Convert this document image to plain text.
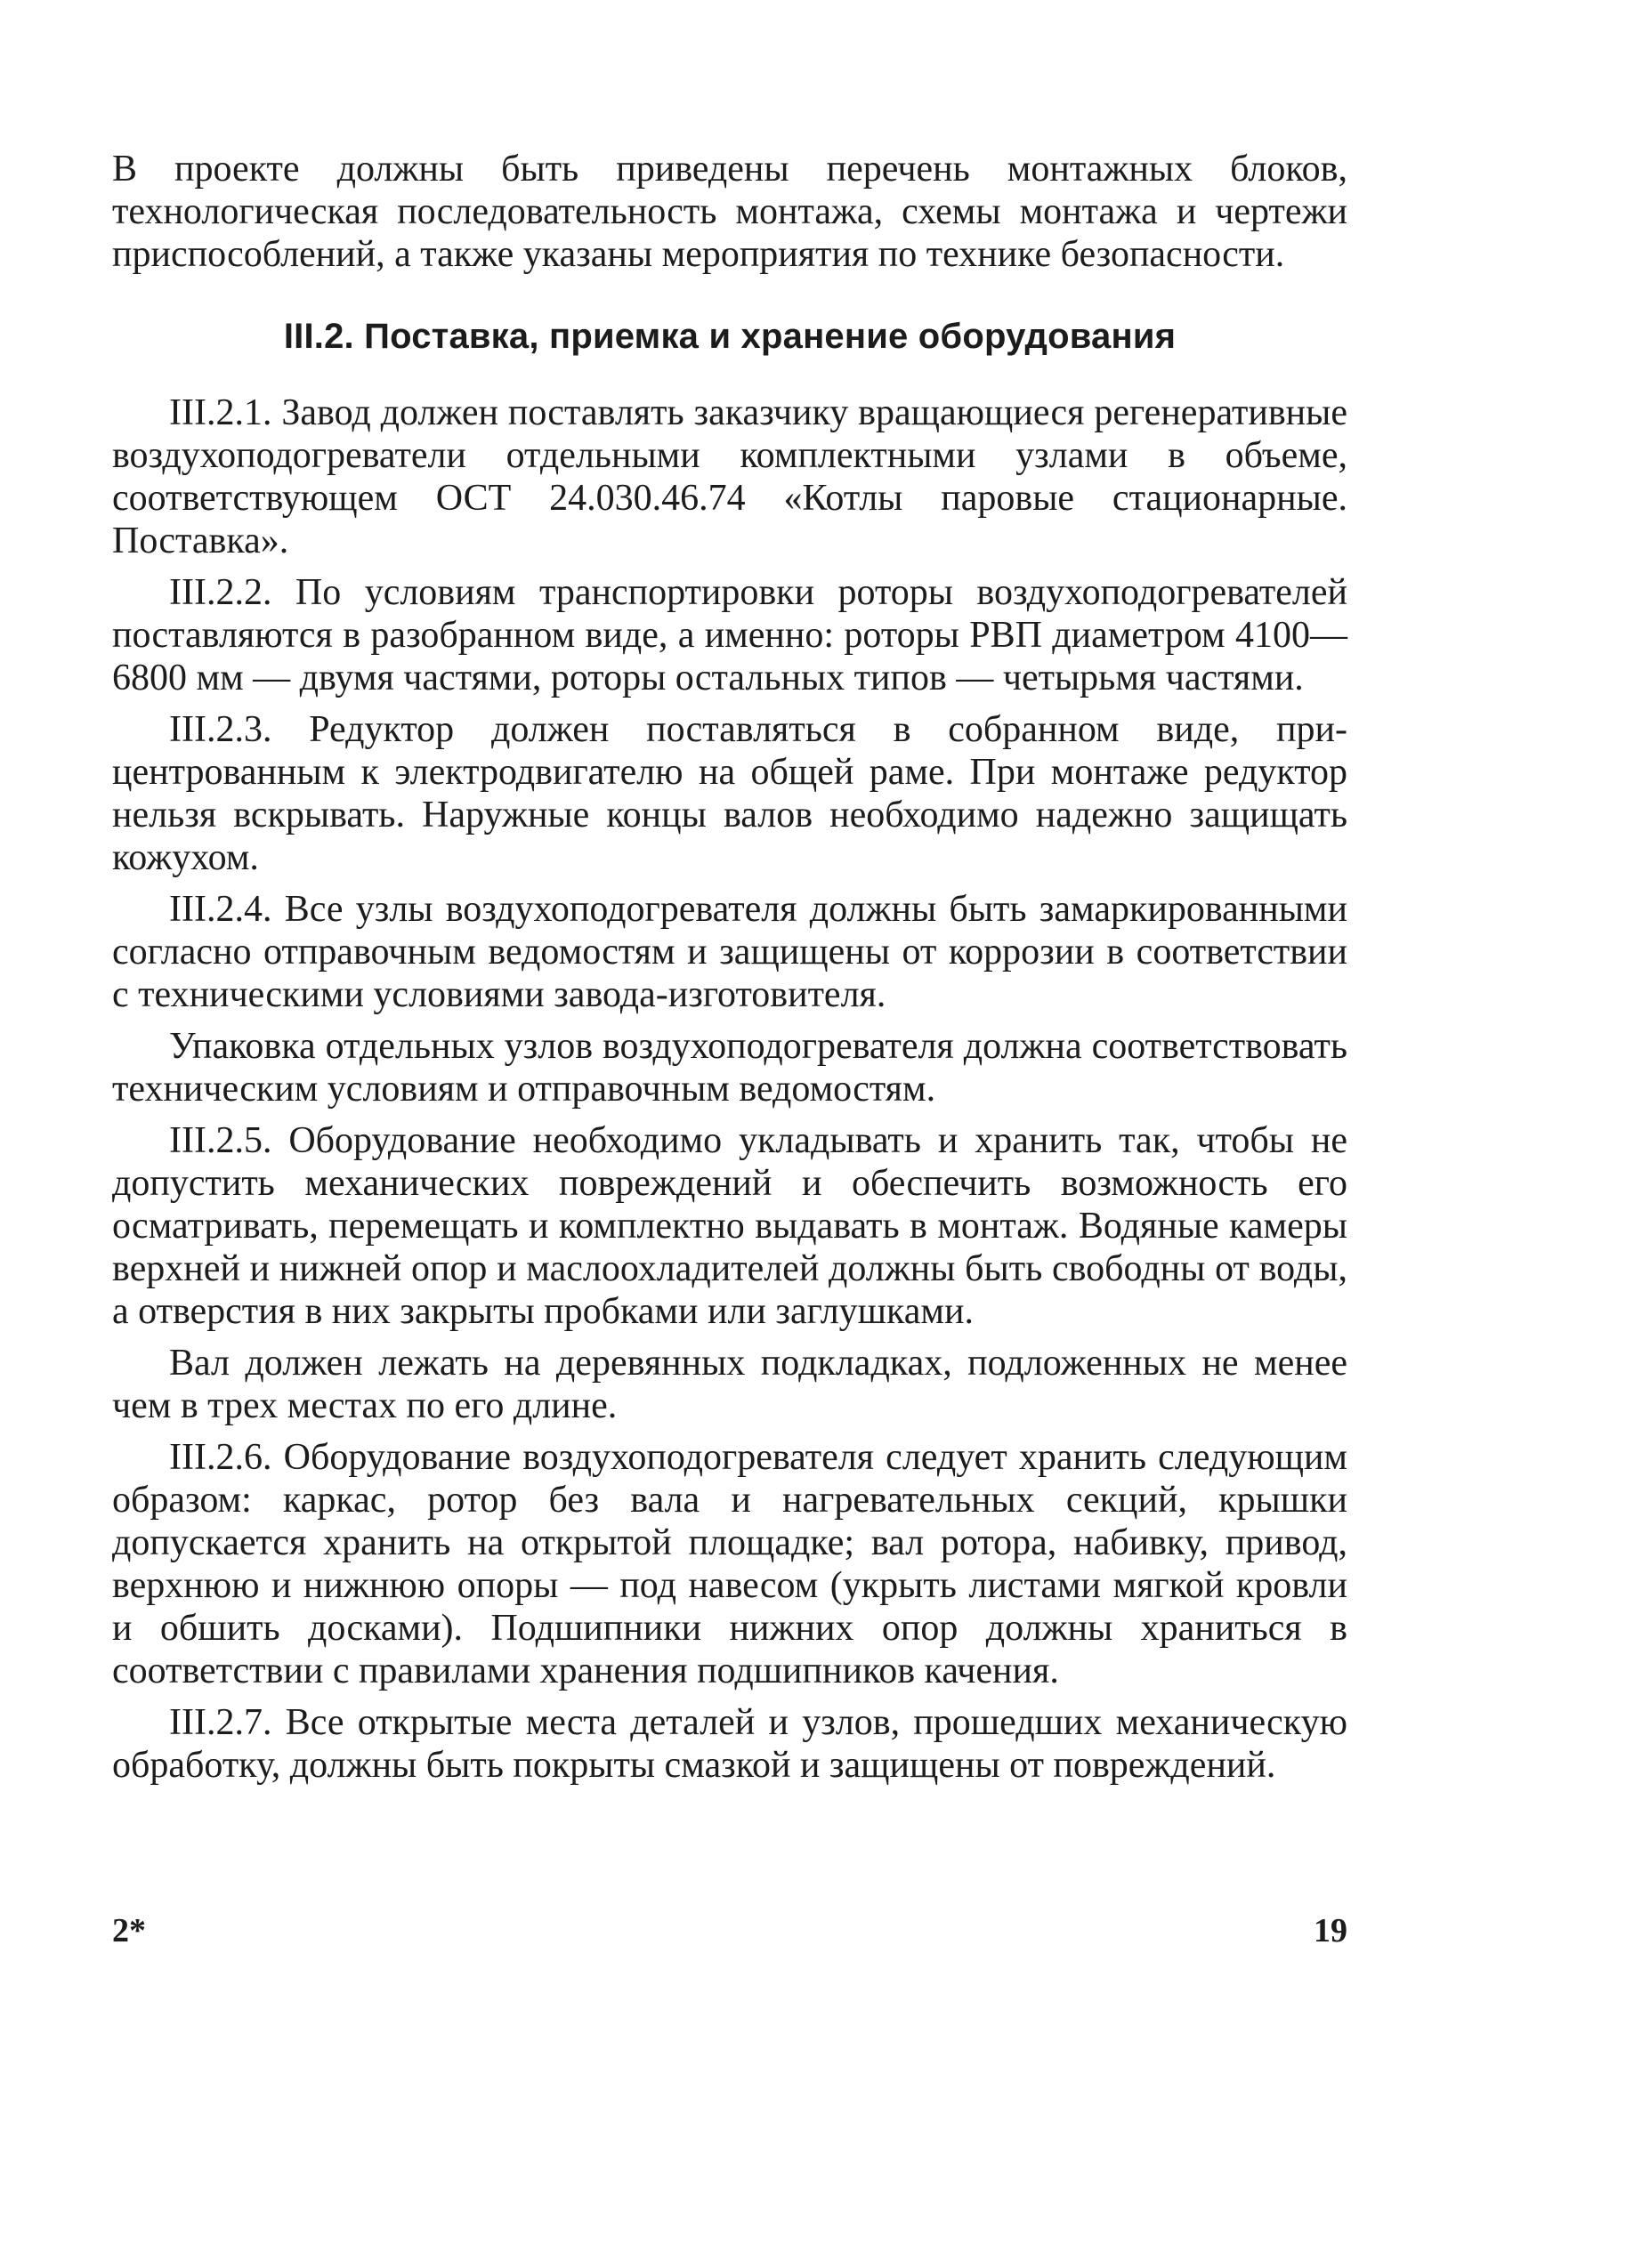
В проекте должны быть приведены перечень монтажных блоков, технологическая последовательность монтажа, схемы монтажа и чертежи приспособлений, а также указаны мероприятия по технике безопасности.

III.2. Поставка, приемка и хранение оборудования

III.2.1. Завод должен поставлять заказчику вращающиеся регенеративные воздухоподогреватели отдельными комплектными узлами в объеме, соответствующем ОСТ 24.030.46.74 «Котлы паровые стационарные. Поставка».

III.2.2. По условиям транспортировки роторы воздухоподогревателей поставляются в разобранном виде, а именно: роторы РВП диаметром 4100—6800 мм — двумя частями, роторы остальных типов — четырьмя частями.

III.2.3. Редуктор должен поставляться в собранном виде, прицентрованным к электродвигателю на общей раме. При монтаже редуктор нельзя вскрывать. Наружные концы валов необходимо надежно защищать кожухом.

III.2.4. Все узлы воздухоподогревателя должны быть замаркированными согласно отправочным ведомостям и защищены от коррозии в соответствии с техническими условиями завода-изготовителя.

Упаковка отдельных узлов воздухоподогревателя должна соответствовать техническим условиям и отправочным ведомостям.

III.2.5. Оборудование необходимо укладывать и хранить так, чтобы не допустить механических повреждений и обеспечить возможность его осматривать, перемещать и комплектно выдавать в монтаж. Водяные камеры верхней и нижней опор и маслоохладителей должны быть свободны от воды, а отверстия в них закрыты пробками или заглушками.

Вал должен лежать на деревянных подкладках, подложенных не менее чем в трех местах по его длине.

III.2.6. Оборудование воздухоподогревателя следует хранить следующим образом: каркас, ротор без вала и нагревательных секций, крышки допускается хранить на открытой площадке; вал ротора, набивку, привод, верхнюю и нижнюю опоры — под навесом (укрыть листами мягкой кровли и обшить досками). Подшипники нижних опор должны храниться в соответствии с правилами хранения подшипников качения.

III.2.7. Все открытые места деталей и узлов, прошедших механическую обработку, должны быть покрыты смазкой и защищены от повреждений.

2*	19
